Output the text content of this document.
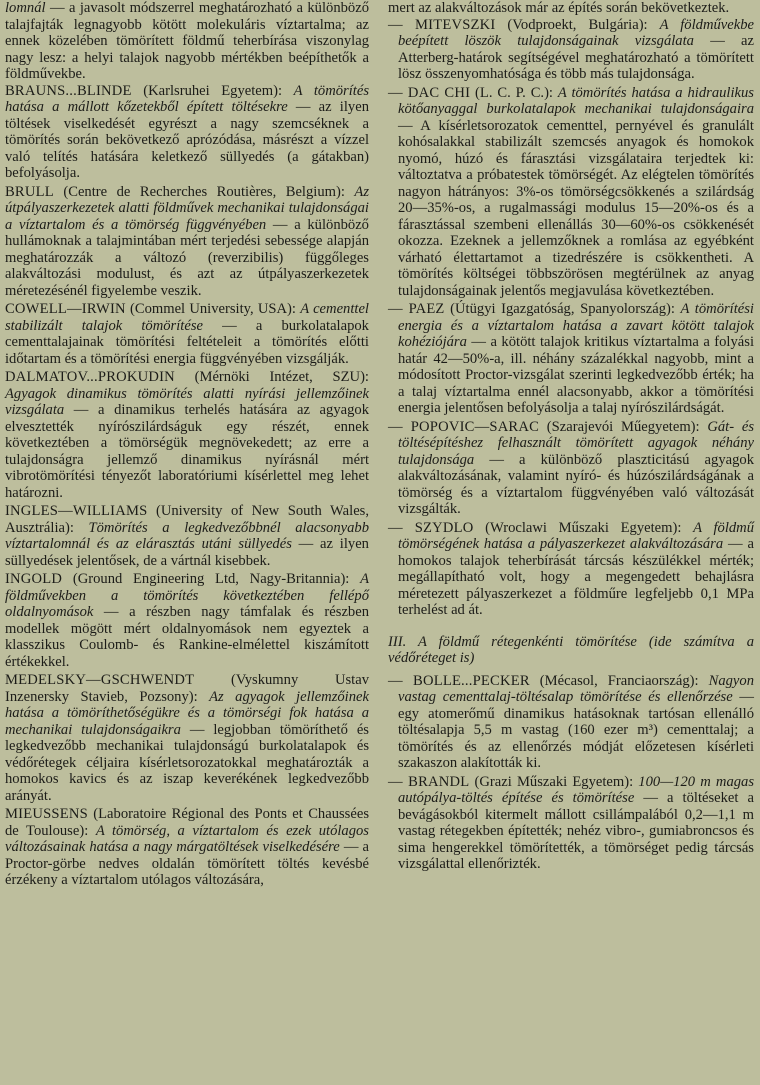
lomnál — a javasolt módszerrel meghatározható a különböző talajfajták legnagyobb kötött molekuláris víztartalma; az ennek közelében tömörített földmű teherbírása viszonylag nagy lesz: a helyi talajok nagyobb mértékben beépíthetők a földművekbe.

BRAUNS...BLINDE (Karlsruhei Egyetem): A tömörítés hatása a mállott kőzetekből épített töltésekre — az ilyen töltések viselkedését egyrészt a nagy szemcséknek a tömörítés során bekövetkező aprózódása, másrészt a vízzel való telítés hatására keletkező süllyedés (a gátakban) befolyásolja.

BRULL (Centre de Recherches Routières, Belgium): Az útpályaszerkezetek alatti földművek mechanikai tulajdonságai a víztartalom és a tömörség függvényében — a különböző hullámoknak a talajmintában mért terjedési sebessége alapján meghatározzák a változó (reverzibilis) függőleges alakváltozási modulust, és azt az útpályaszerkezetek méretezésénél figyelembe veszik.

COWELL—IRWIN (Commel University, USA): A cementtel stabilizált talajok tömörítése — a burkolatalapok cementtalajainak tömörítési feltételeit a tömörítés előtti időtartam és a tömörítési energia függvényében vizsgálják.

DALMATOV...PROKUDIN (Mérnöki Intézet, SZU): Agyagok dinamikus tömörítés alatti nyírási jellemzőinek vizsgálata — a dinamikus terhelés hatására az agyagok elvesztették nyírószilárdságuk egy részét, ennek következtében a tömörségük megnövekedett; az erre a tulajdonságra jellemző dinamikus nyírásnál mért vibrotömörítési tényezőt laboratóriumi kísérlettel meg lehet határozni.

INGLES—WILLIAMS (University of New South Wales, Ausztrália): Tömörítés a legkedvezőbbnél alacsonyabb víztartalomnál és az elárasztás utáni süllyedés — az ilyen süllyedések jelentősek, de a vártnál kisebbek.

INGOLD (Ground Engineering Ltd, Nagy-Britannia): A földművekben a tömörítés következtében fellépő oldalnyomások — a részben nagy támfalak és részben modellek mögött mért oldalnyomások nem egyeztek a klasszikus Coulomb- és Rankine-elmélettel kiszámított értékekkel.

MEDELSKY—GSCHWENDT (Vyskumny Ustav Inzenersky Stavieb, Pozsony): Az agyagok jellemzőinek hatása a tömöríthetőségükre és a tömörségi fok hatása a mechanikai tulajdonságaikra — legjobban tömöríthető és legkedvezőbb mechanikai tulajdonságú burkolatalapok és védőrétegek céljaira kísérletsorozatokkal meghatározták a homokos kavics és az iszap keverékének legkedvezőbb arányát.

MIEUSSENS (Laboratoire Régional des Ponts et Chaussées de Toulouse): A tömörség, a víztartalom és ezek utólagos változásainak hatása a nagy márgatöltések viselkedésére — a Proctor-görbe nedves oldalán tömörített töltés kevésbé érzékeny a víztartalom utólagos változására,

mert az alakváltozások már az építés során bekövetkeztek.

— MITEVSZKI (Vodproekt, Bulgária): A földművekbe beépített löszök tulajdonságainak vizsgálata — az Atterberg-határok segítségével meghatározható a tömörített lösz összenyomhatósága és több más tulajdonsága.

— DAC CHI (L. C. P. C.): A tömörítés hatása a hidraulikus kötőanyaggal burkolatalapok mechanikai tulajdonságaira — A kísérletsorozatok cementtel, pernyével és granulált kohósalakkal stabilizált szemcsés anyagok és homokok nyomó, húzó és fárasztási vizsgálataira terjedtek ki: változtatva a próbatestek tömörségét. Az elégtelen tömörítés nagyon hátrányos: 3%-os tömörségcsökkenés a szilárdság 20—35%-os, a rugalmassági modulus 15—20%-os és a fárasztással szembeni ellenállás 30—60%-os csökkenését okozza. Ezeknek a jellemzőknek a romlása az egyébként várható élettartamot a tizedrészére is csökkentheti. A tömörítés költségei többszörösen megtérülnek az anyag tulajdonságainak jelentős megjavulása következtében.

— PAEZ (Útügyi Igazgatóság, Spanyolország): A tömörítési energia és a víztartalom hatása a zavart kötött talajok kohéziójára — a kötött talajok kritikus víztartalma a folyási határ 42—50%-a, ill. néhány százalékkal nagyobb, mint a módosított Proctor-vizsgálat szerinti legkedvezőbb érték; ha a talaj víztartalma ennél alacsonyabb, akkor a tömörítési energia jelentősen befolyásolja a talaj nyírószilárdságát.

— POPOVIC—SARAC (Szarajevói Műegyetem): Gát- és töltésépítéshez felhasznált tömörített agyagok néhány tulajdonsága — a különböző plaszticitású agyagok alakváltozásának, valamint nyíró- és húzószilárdságának a tömörség és a víztartalom függvényében való változását vizsgálták.

— SZYDLO (Wroclawi Műszaki Egyetem): A földmű tömörségének hatása a pályaszerkezet alakváltozására — a homokos talajok teherbírását tárcsás készülékkel mérték; megállapítható volt, hogy a megengedett behajlásra méretezett pályaszerkezet a földműre legfeljebb 0,1 MPa terhelést ad át.

III. A földmű rétegenkénti tömörítése (ide számítva a védőréteget is)

— BOLLE...PECKER (Mécasol, Franciaország): Nagyon vastag cementtalaj-töltésalap tömörítése és ellenőrzése — egy atomerőmű dinamikus hatásoknak tartósan ellenálló töltésalapja 5,5 m vastag (160 ezer m³) cementtalaj; a tömörítés és az ellenőrzés módját előzetesen kísérleti szakaszon alakították ki.

— BRANDL (Grazi Műszaki Egyetem): 100—120 m magas autópálya-töltés építése és tömörítése — a töltéseket a bevágásokból kitermelt mállott csillámpalából 0,2—1,1 m vastag rétegekben építették; nehéz vibro-, gumiabroncsos és sima hengerekkel tömörítették, a tömörséget pedig tárcsás vizsgálattal ellenőrizték.
